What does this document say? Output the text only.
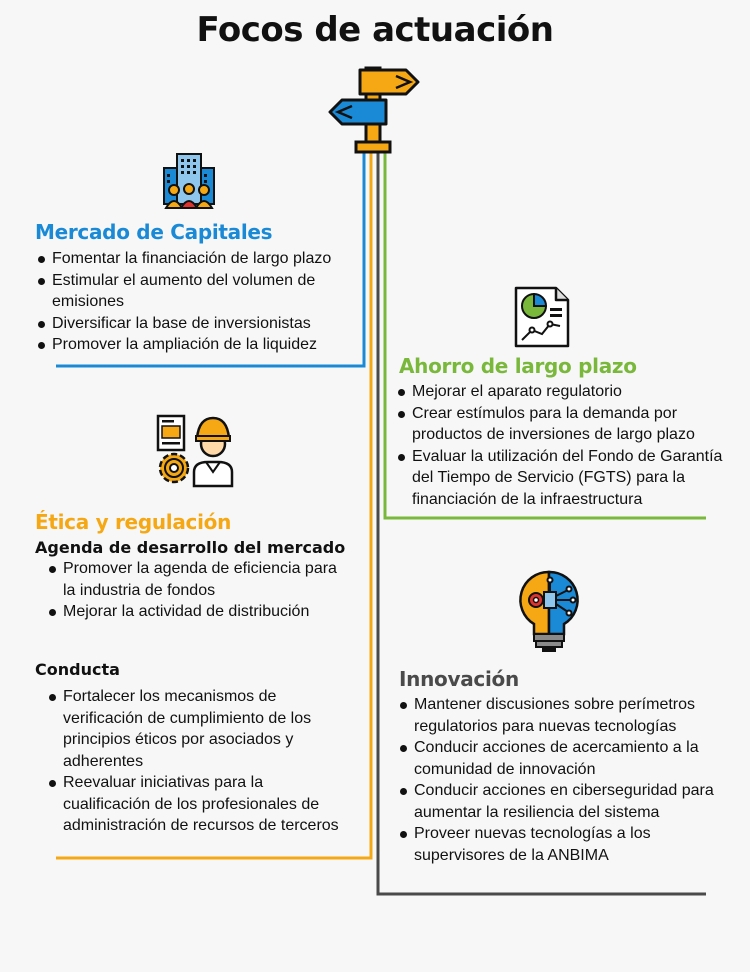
Focos de actuación
Mercado de Capitales
Fomentar la financiación de largo plazo
Estimular el aumento del volumen de emisiones
Diversificar la base de inversionistas
Promover la ampliación de la liquidez
Ahorro de largo plazo
Mejorar el aparato regulatorio
Crear estímulos para la demanda por productos de inversiones de largo plazo
Evaluar la utilización del Fondo de Garantía del Tiempo de Servicio (FGTS) para la financiación de la infraestructura
Ética y regulación
Agenda de desarrollo del mercado
Promover la agenda de eficiencia para la industria de fondos
Mejorar la actividad de distribución
Conducta
Fortalecer los mecanismos de verificación de cumplimiento de los principios éticos por asociados y adherentes
Reevaluar iniciativas para la cualificación de los profesionales de administración de recursos de terceros
Innovación
Mantener discusiones sobre perímetros regulatorios para nuevas tecnologías
Conducir acciones de acercamiento a la comunidad de innovación
Conducir acciones en ciberseguridad para aumentar la resiliencia del sistema
Proveer nuevas tecnologías a los supervisores de la ANBIMA
